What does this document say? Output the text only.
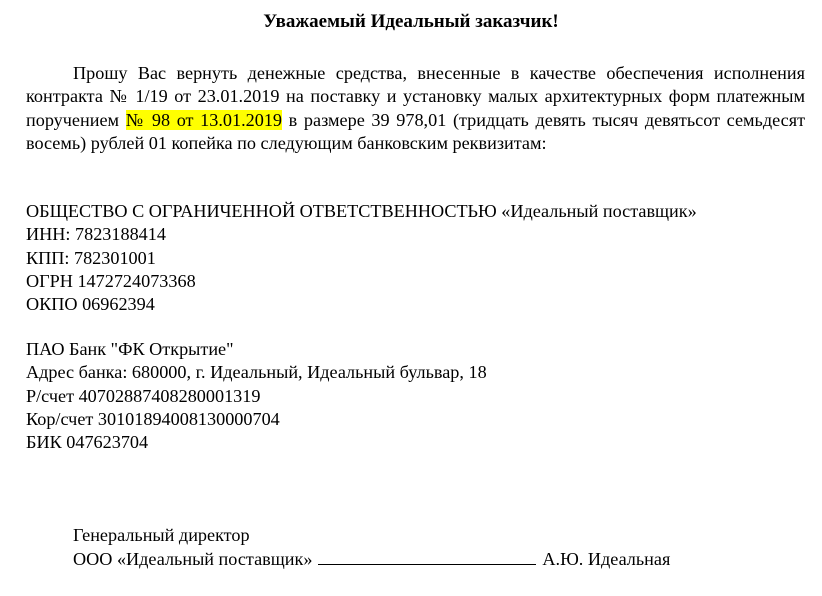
Уважаемый Идеальный заказчик!
Прошу Вас вернуть денежные средства, внесенные в качестве обеспечения исполнения контракта № 1/19 от 23.01.2019 на поставку и установку малых архитектурных форм платежным поручением № 98 от 13.01.2019 в размере 39 978,01 (тридцать девять тысяч девятьсот семьдесят восемь) рублей 01 копейка по следующим банковским реквизитам:
ОБЩЕСТВО С ОГРАНИЧЕННОЙ ОТВЕТСТВЕННОСТЬЮ «Идеальный поставщик»
ИНН: 7823188414
КПП: 782301001
ОГРН 1472724073368
ОКПО 06962394
ПАО Банк "ФК Открытие"
Адрес банка: 680000, г. Идеальный, Идеальный бульвар, 18
Р/счет 40702887408280001319
Кор/счет 30101894008130000704
БИК 047623704
Генеральный директор
ООО «Идеальный поставщик»	А.Ю. Идеальная
